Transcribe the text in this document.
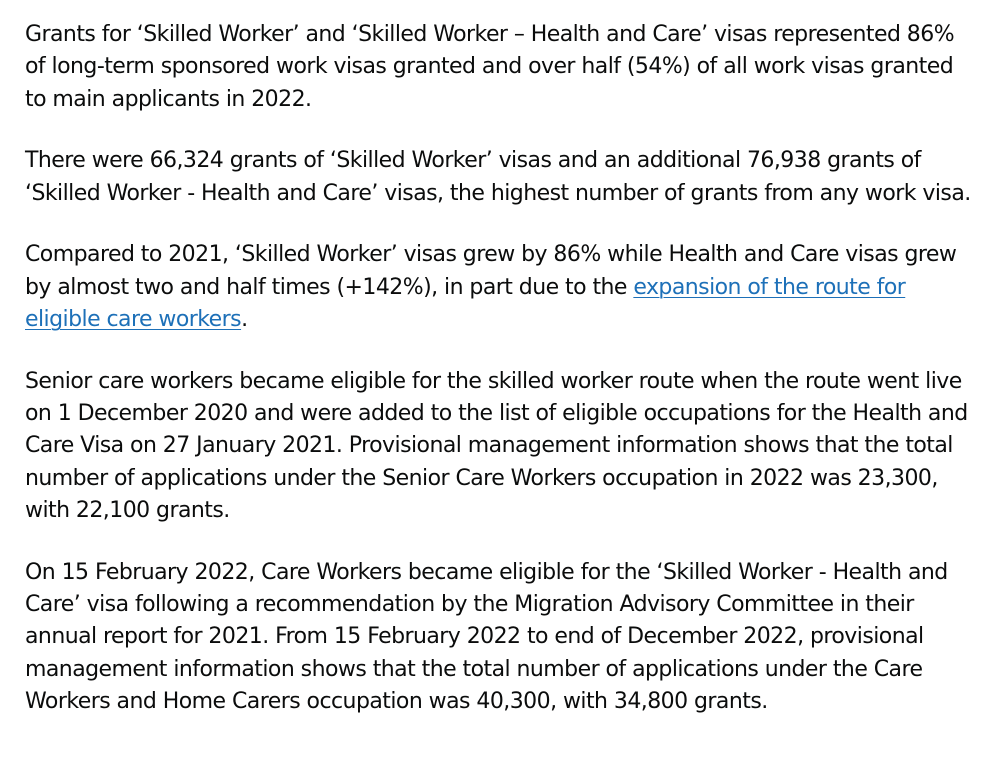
Grants for ‘Skilled Worker’ and ‘Skilled Worker – Health and Care’ visas represented 86% of long-term sponsored work visas granted and over half (54%) of all work visas granted to main applicants in 2022.

There were 66,324 grants of ‘Skilled Worker’ visas and an additional 76,938 grants of ‘Skilled Worker - Health and Care’ visas, the highest number of grants from any work visa.

Compared to 2021, ‘Skilled Worker’ visas grew by 86% while Health and Care visas grew by almost two and half times (+142%), in part due to the expansion of the route for eligible care workers.

Senior care workers became eligible for the skilled worker route when the route went live on 1 December 2020 and were added to the list of eligible occupations for the Health and Care Visa on 27 January 2021. Provisional management information shows that the total number of applications under the Senior Care Workers occupation in 2022 was 23,300, with 22,100 grants.

On 15 February 2022, Care Workers became eligible for the ‘Skilled Worker - Health and Care’ visa following a recommendation by the Migration Advisory Committee in their annual report for 2021. From 15 February 2022 to end of December 2022, provisional management information shows that the total number of applications under the Care Workers and Home Carers occupation was 40,300, with 34,800 grants.
